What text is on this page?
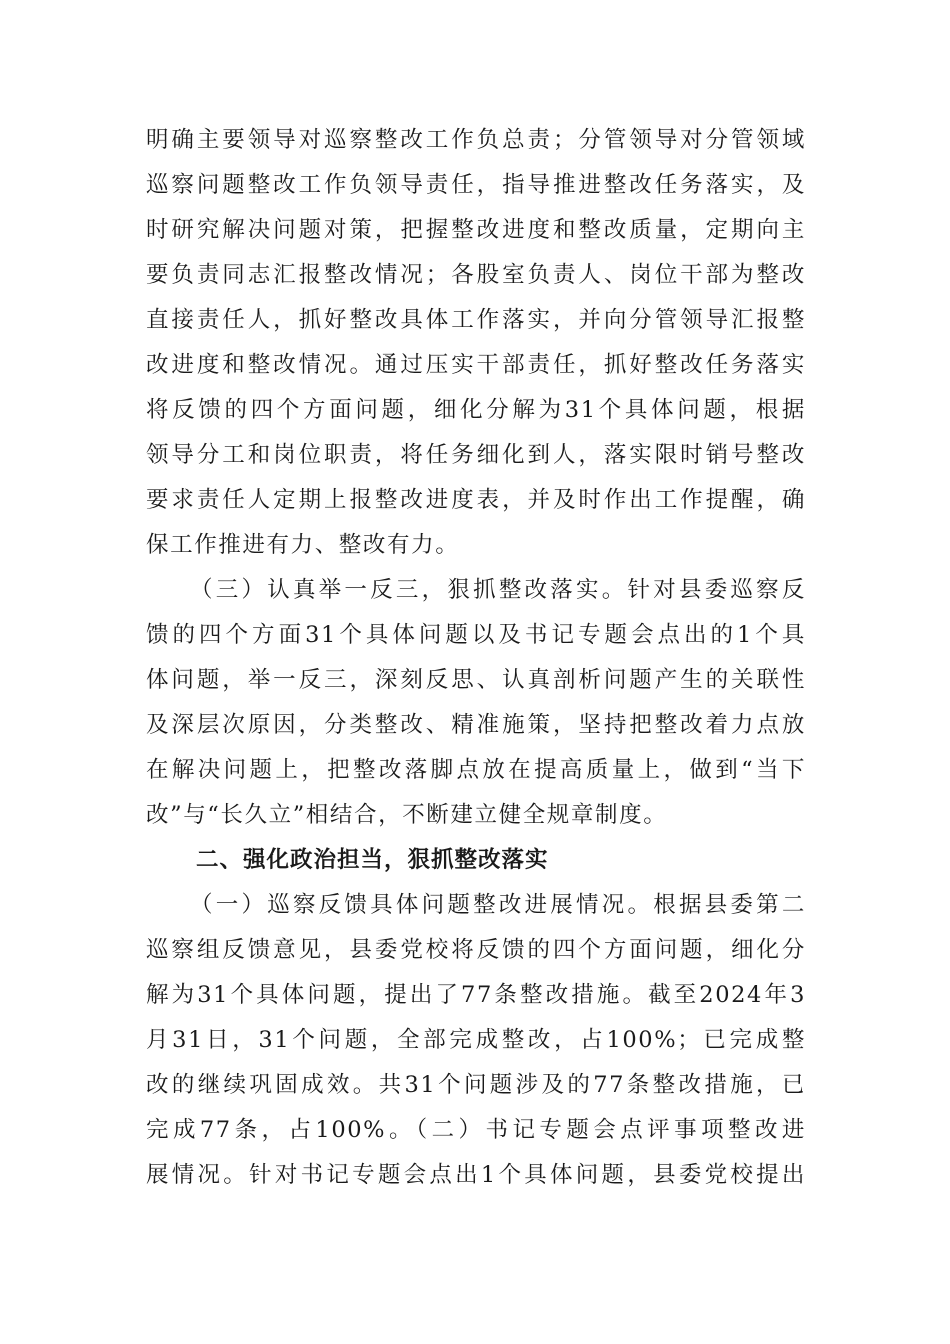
明确主要领导对巡察整改工作负总责；分管领导对分管领域
巡察问题整改工作负领导责任，指导推进整改任务落实，及
时研究解决问题对策，把握整改进度和整改质量，定期向主
要负责同志汇报整改情况；各股室负责人、岗位干部为整改
直接责任人，抓好整改具体工作落实，并向分管领导汇报整
改进度和整改情况。通过压实干部责任，抓好整改任务落实
将反馈的四个方面问题，细化分解为31个具体问题，根据
领导分工和岗位职责，将任务细化到人，落实限时销号整改
要求责任人定期上报整改进度表，并及时作出工作提醒，确
保工作推进有力、整改有力。
（三）认真举一反三，狠抓整改落实。针对县委巡察反
馈的四个方面31个具体问题以及书记专题会点出的1个具
体问题，举一反三，深刻反思、认真剖析问题产生的关联性
及深层次原因，分类整改、精准施策，坚持把整改着力点放
在解决问题上，把整改落脚点放在提高质量上，做到“当下
改”与“长久立”相结合，不断建立健全规章制度。
二、强化政治担当，狠抓整改落实
（一）巡察反馈具体问题整改进展情况。根据县委第二
巡察组反馈意见，县委党校将反馈的四个方面问题，细化分
解为31个具体问题，提出了77条整改措施。截至2024年3
月31日，31个问题，全部完成整改，占100%；已完成整
改的继续巩固成效。共31个问题涉及的77条整改措施，已
完成77条，占100%。（二）书记专题会点评事项整改进
展情况。针对书记专题会点出1个具体问题，县委党校提出
